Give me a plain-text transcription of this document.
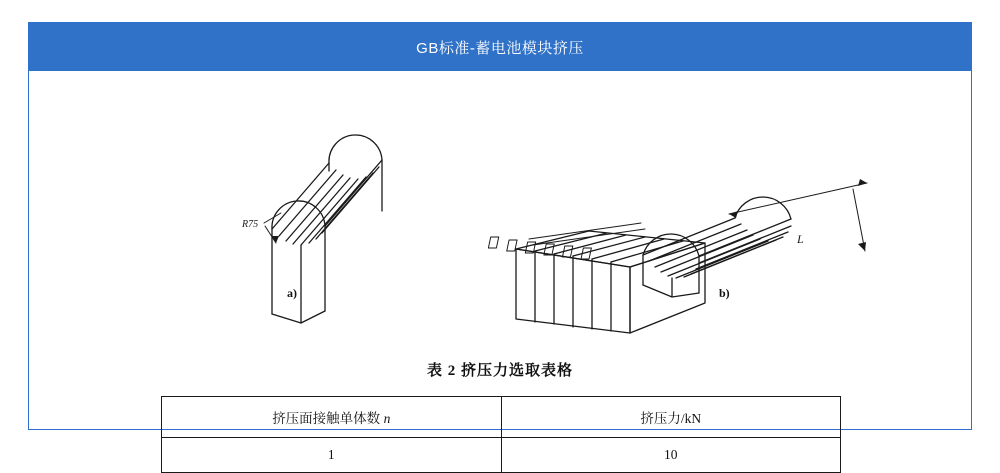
GB标准-蓄电池模块挤压
R75
L
a)	b)
表 2 挤压力选取表格
挤压面接触单体数 n	挤压力/kN
1	10
